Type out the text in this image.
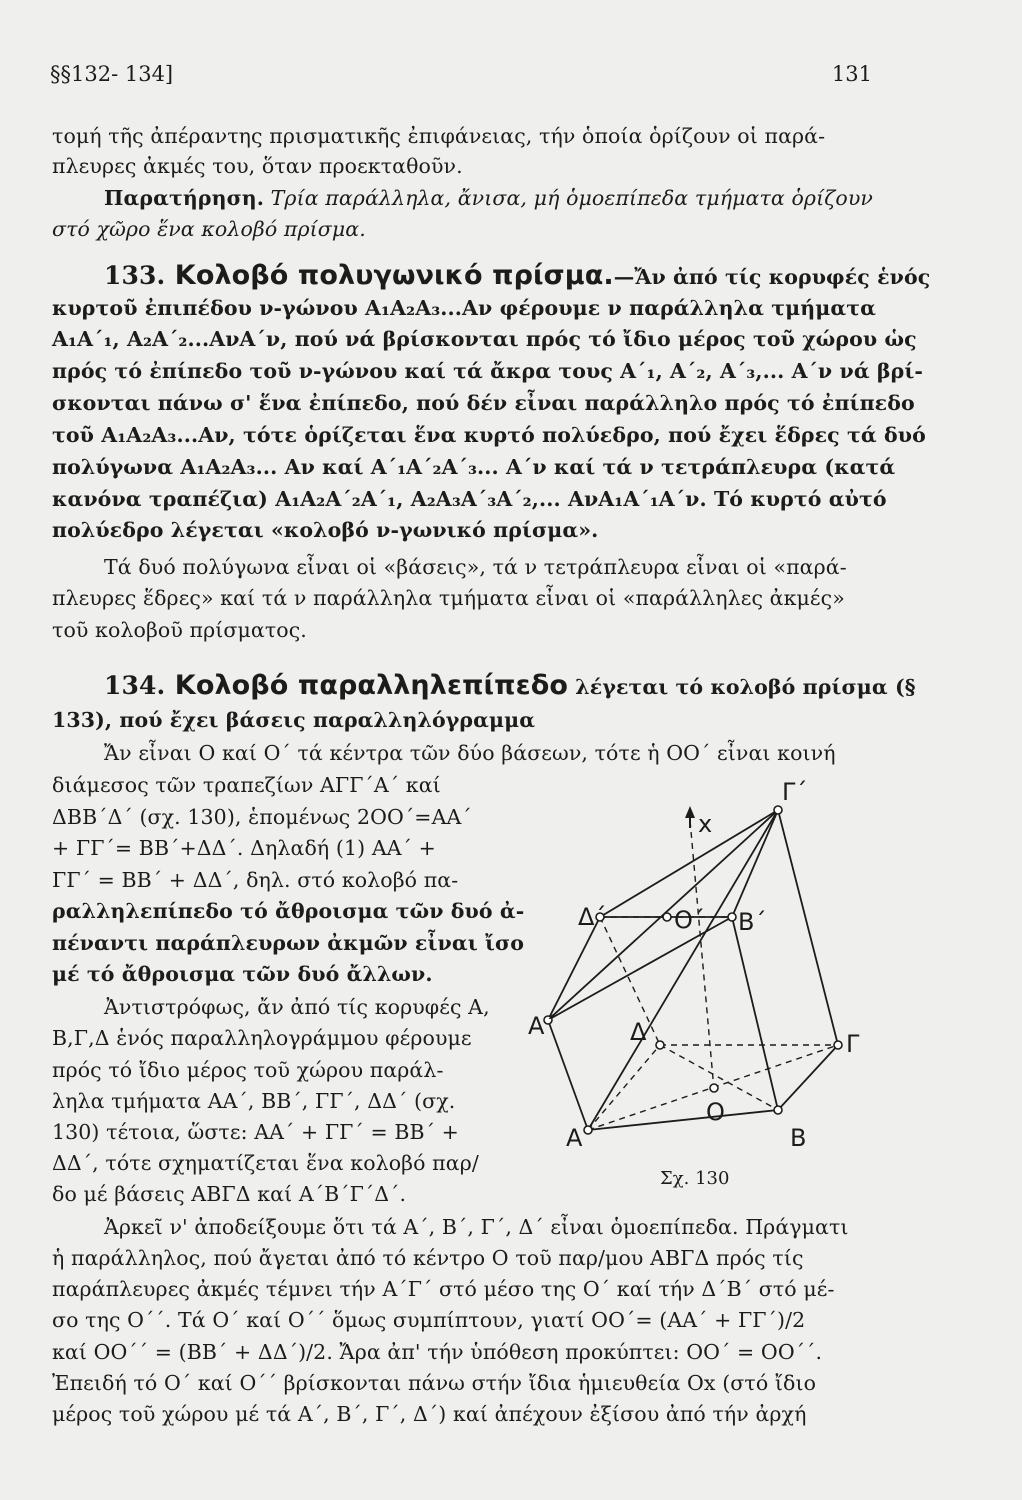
§§132- 134]	131
τομή τῆς ἀπέραντης πρισματικῆς ἐπιφάνειας, τήν ὁποία ὁρίζουν οἱ παρά-
πλευρες ἀκμές του, ὅταν προεκταθοῦν.
Παρατήρηση. Τρία παράλληλα, ἄνισα, μή ὁμοεπίπεδα τμήματα ὁρίζουν
στό χῶρο ἕνα κολοβό πρίσμα.
133. Κολοβό πολυγωνικό πρίσμα.—Ἄν ἀπό τίς κορυφές ἑνός
κυρτοῦ ἐπιπέδου ν-γώνου Α₁Α₂Α₃...Αν φέρουμε ν παράλληλα τμήματα
Α₁Α΄₁, Α₂Α΄₂...ΑνΑ΄ν, πού νά βρίσκονται πρός τό ἴδιο μέρος τοῦ χώρου ὡς
πρός τό ἐπίπεδο τοῦ ν-γώνου καί τά ἄκρα τους Α΄₁, Α΄₂, Α΄₃,... Α΄ν νά βρί-
σκονται πάνω σ' ἕνα ἐπίπεδο, πού δέν εἶναι παράλληλο πρός τό ἐπίπεδο
τοῦ Α₁Α₂Α₃...Αν, τότε ὁρίζεται ἕνα κυρτό πολύεδρο, πού ἔχει ἕδρες τά δυό
πολύγωνα Α₁Α₂Α₃... Αν καί Α΄₁Α΄₂Α΄₃... Α΄ν καί τά ν τετράπλευρα (κατά
κανόνα τραπέζια) Α₁Α₂Α΄₂Α΄₁, Α₂Α₃Α΄₃Α΄₂,... ΑνΑ₁Α΄₁Α΄ν. Τό κυρτό αὐτό
πολύεδρο λέγεται «κολοβό ν-γωνικό πρίσμα».
Τά δυό πολύγωνα εἶναι οἱ «βάσεις», τά ν τετράπλευρα εἶναι οἱ «παρά-
πλευρες ἕδρες» καί τά ν παράλληλα τμήματα εἶναι οἱ «παράλληλες ἀκμές»
τοῦ κολοβοῦ πρίσματος.
134. Κολοβό παραλληλεπίπεδο λέγεται τό κολοβό πρίσμα (§
133), πού ἔχει βάσεις παραλληλόγραμμα
Ἄν εἶναι Ο καί Ο΄ τά κέντρα τῶν δύο βάσεων, τότε ἡ ΟΟ΄ εἶναι κοινή
διάμεσος τῶν τραπεζίων ΑΓΓ΄Α΄ καί
ΔΒΒ΄Δ΄ (σχ. 130), ἑπομένως 2ΟΟ΄=ΑΑ΄
+ ΓΓ΄= ΒΒ΄+ΔΔ΄. Δηλαδή (1) ΑΑ΄ +
ΓΓ΄ = ΒΒ΄ + ΔΔ΄, δηλ. στό κολοβό πα-
ραλληλεπίπεδο τό ἄθροισμα τῶν δυό ἀ-
πέναντι παράπλευρων ἀκμῶν εἶναι ἴσο
μέ τό ἄθροισμα τῶν δυό ἄλλων.
Ἀντιστρόφως, ἄν ἀπό τίς κορυφές Α,
Β,Γ,Δ ἑνός παραλληλογράμμου φέρουμε
πρός τό ἴδιο μέρος τοῦ χώρου παράλ-
ληλα τμήματα ΑΑ΄, ΒΒ΄, ΓΓ΄, ΔΔ΄ (σχ.
130) τέτοια, ὥστε: ΑΑ΄ + ΓΓ΄ = ΒΒ΄ +
ΔΔ΄, τότε σχηματίζεται ἕνα κολοβό παρ/
δο μέ βάσεις ΑΒΓΔ καί Α΄Β΄Γ΄Δ΄.
Ἀρκεῖ ν' ἀποδείξουμε ὅτι τά Α΄, Β΄, Γ΄, Δ΄ εἶναι ὁμοεπίπεδα. Πράγματι
ἡ παράλληλος, πού ἄγεται ἀπό τό κέντρο Ο τοῦ παρ/μου ΑΒΓΔ πρός τίς
παράπλευρες ἀκμές τέμνει τήν Α΄Γ΄ στό μέσο της Ο΄ καί τήν Δ΄Β΄ στό μέ-
σο της Ο΄΄. Τά Ο΄ καί Ο΄΄ ὅμως συμπίπτουν, γιατί ΟΟ΄= (ΑΑ΄ + ΓΓ΄)/2
καί ΟΟ΄΄ = (ΒΒ΄ + ΔΔ΄)/2. Ἄρα ἀπ' τήν ὑπόθεση προκύπτει: ΟΟ΄ = ΟΟ΄΄.
Ἐπειδή τό Ο΄ καί Ο΄΄ βρίσκονται πάνω στήν ἴδια ἡμιευθεία Οx (στό ἴδιο
μέρος τοῦ χώρου μέ τά Α΄, Β΄, Γ΄, Δ΄) καί ἀπέχουν ἐξίσου ἀπό τήν ἀρχή
Γ΄
x
Δ΄	Ο΄ Β΄
Α΄	Δ	Γ
Ο
Α	Β
Σχ. 130
